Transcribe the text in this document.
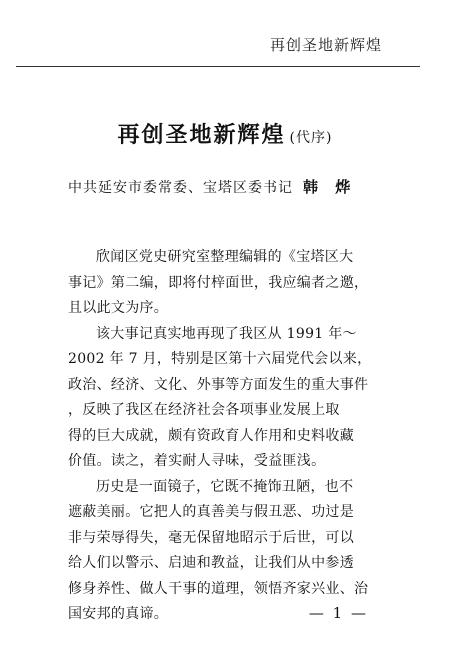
再创圣地新辉煌
再创圣地新辉煌 (代序)
中共延安市委常委、宝塔区委书记 韩 烨
欣闻区党史研究室整理编辑的《宝塔区大
事记》第二编，即将付梓面世，我应编者之邀，
且以此文为序。
该大事记真实地再现了我区从 1991 年～
2002 年 7 月，特别是区第十六届党代会以来，
政治、经济、文化、外事等方面发生的重大事件
，反映了我区在经济社会各项事业发展上取
得的巨大成就，颇有资政育人作用和史料收藏
价值。读之，着实耐人寻味，受益匪浅。
历史是一面镜子，它既不掩饰丑陋，也不
遮蔽美丽。它把人的真善美与假丑恶、功过是
非与荣辱得失，毫无保留地昭示于后世，可以
给人们以警示、启迪和教益，让我们从中参透
修身养性、做人干事的道理，领悟齐家兴业、治
国安邦的真谛。	— 1 —
